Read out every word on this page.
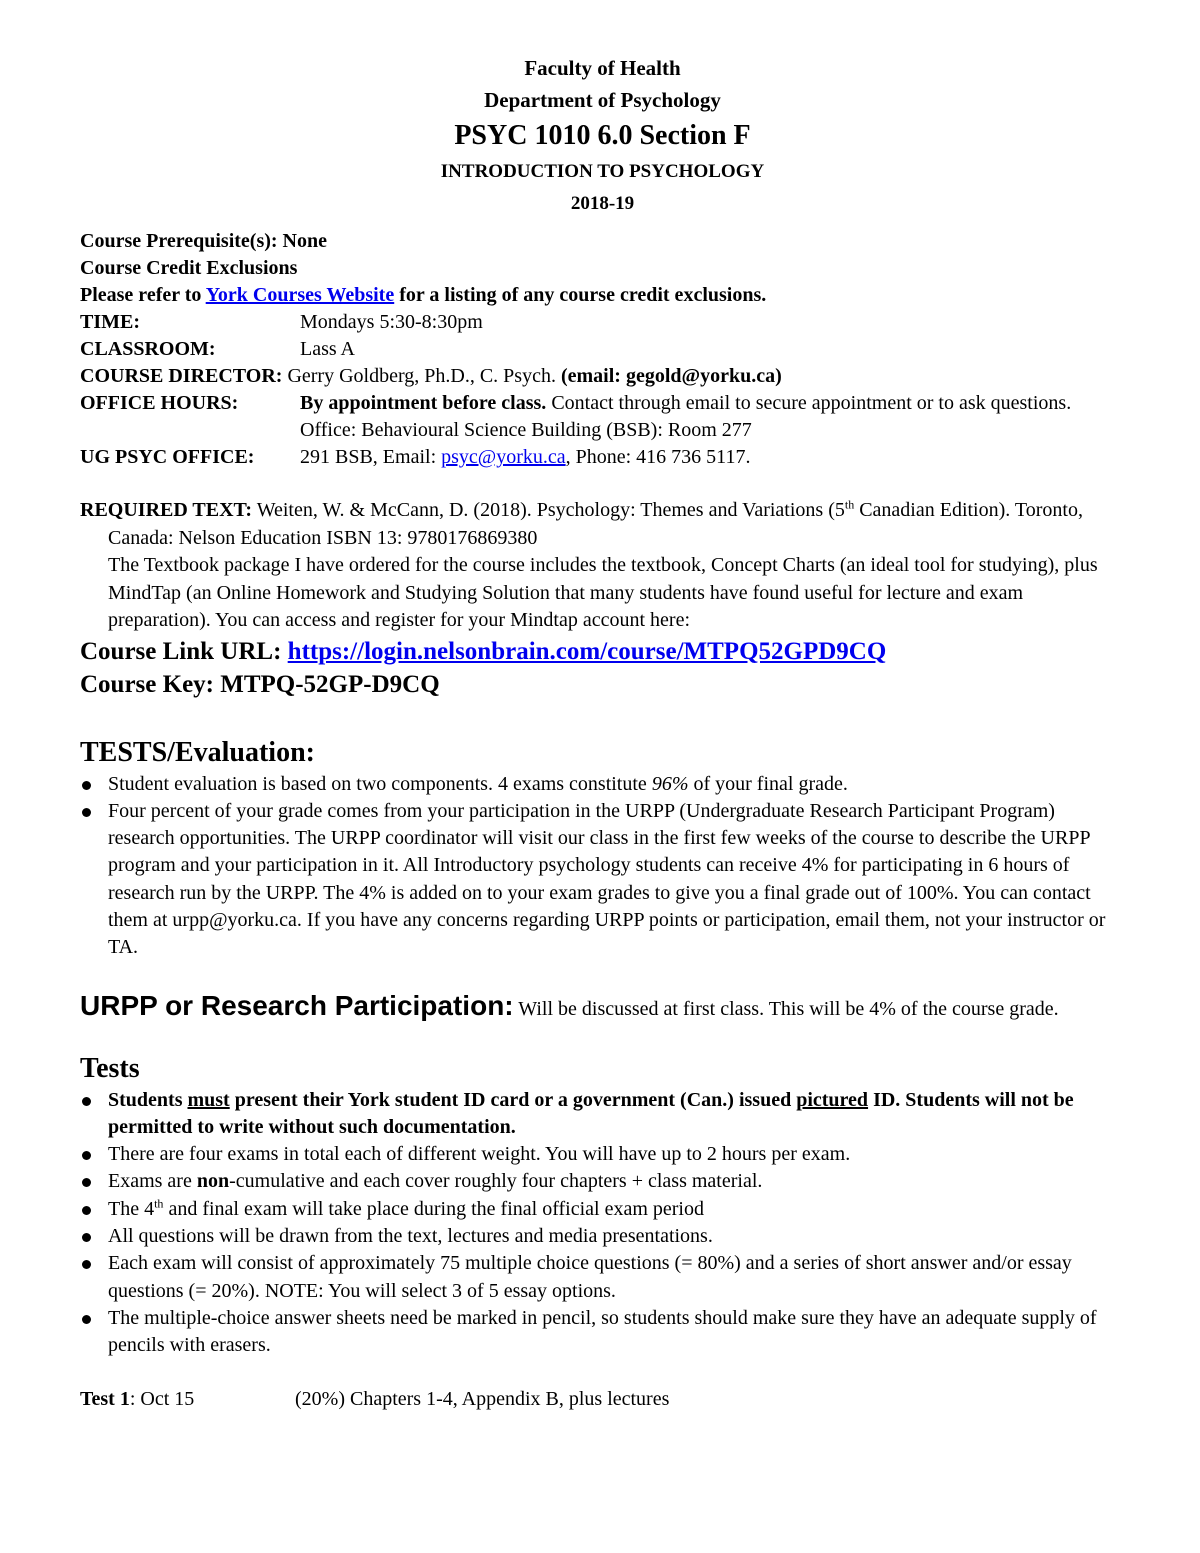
Faculty of Health
Department of Psychology
PSYC 1010 6.0 Section F
INTRODUCTION TO PSYCHOLOGY
2018-19
Course Prerequisite(s): None
Course Credit Exclusions
Please refer to York Courses Website for a listing of any course credit exclusions.
TIME:	Mondays 5:30-8:30pm
CLASSROOM:	Lass A
COURSE DIRECTOR: Gerry Goldberg, Ph.D., C. Psych. (email: gegold@yorku.ca)
OFFICE HOURS:	By appointment before class. Contact through email to secure appointment or to ask questions.
Office: Behavioural Science Building (BSB): Room 277
UG PSYC OFFICE:	291 BSB, Email: psyc@yorku.ca, Phone: 416 736 5117.
REQUIRED TEXT: Weiten, W. & McCann, D. (2018). Psychology: Themes and Variations (5th Canadian Edition). Toronto, Canada: Nelson Education ISBN 13: 9780176869380
The Textbook package I have ordered for the course includes the textbook, Concept Charts (an ideal tool for studying), plus MindTap (an Online Homework and Studying Solution that many students have found useful for lecture and exam preparation). You can access and register for your Mindtap account here:
Course Link URL: https://login.nelsonbrain.com/course/MTPQ52GPD9CQ
Course Key: MTPQ-52GP-D9CQ
TESTS/Evaluation:
Student evaluation is based on two components. 4 exams constitute 96% of your final grade.
Four percent of your grade comes from your participation in the URPP (Undergraduate Research Participant Program) research opportunities. The URPP coordinator will visit our class in the first few weeks of the course to describe the URPP program and your participation in it. All Introductory psychology students can receive 4% for participating in 6 hours of research run by the URPP. The 4% is added on to your exam grades to give you a final grade out of 100%. You can contact them at urpp@yorku.ca. If you have any concerns regarding URPP points or participation, email them, not your instructor or TA.
URPP or Research Participation: Will be discussed at first class. This will be 4% of the course grade.
Tests
Students must present their York student ID card or a government (Can.) issued pictured ID. Students will not be permitted to write without such documentation.
There are four exams in total each of different weight. You will have up to 2 hours per exam.
Exams are non-cumulative and each cover roughly four chapters + class material.
The 4th and final exam will take place during the final official exam period
All questions will be drawn from the text, lectures and media presentations.
Each exam will consist of approximately 75 multiple choice questions (= 80%) and a series of short answer and/or essay questions (= 20%). NOTE: You will select 3 of 5 essay options.
The multiple-choice answer sheets need be marked in pencil, so students should make sure they have an adequate supply of pencils with erasers.
Test 1: Oct 15	(20%) Chapters 1-4, Appendix B, plus lectures
